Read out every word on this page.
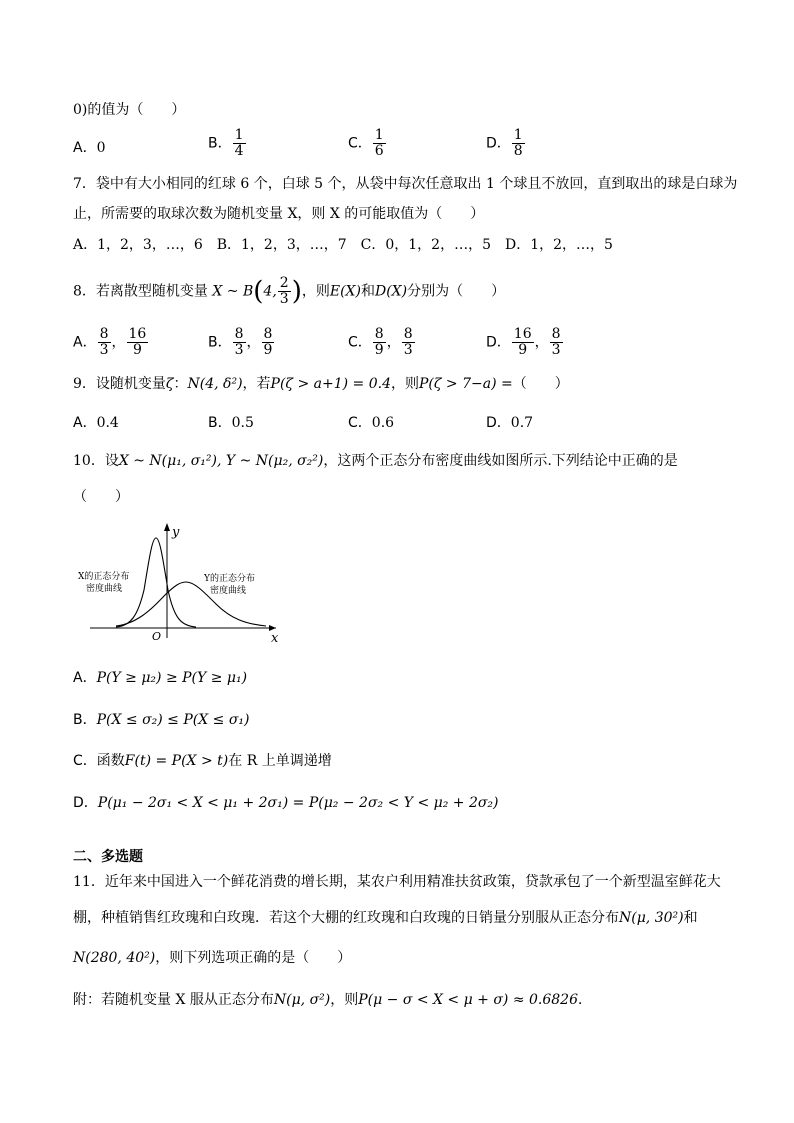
0)的值为（　　）
A．0	B． $\frac{1}{4}$	C． $\frac{1}{6}$	D． $\frac{1}{8}$
7．袋中有大小相同的红球 6 个，白球 5 个，从袋中每次任意取出 1 个球且不放回，直到取出的球是白球为
止，所需要的取球次数为随机变量 X，则 X 的可能取值为（　　）
A．1，2，3，…，6　B．1，2，3，…，7　C．0，1，2，…，5　D．1，2，…，5
8．若离散型随机变量 X ~ B(4, $\frac{2}{3}$ )，则E(X)和D(X)分别为（　　）
A． $\frac{8}{3}$ ， $\frac{16}{9}$	B． $\frac{8}{3}$ ， $\frac{8}{9}$	C． $\frac{8}{9}$ ， $\frac{8}{3}$	D． $\frac{16}{9}$ ， $\frac{8}{3}$
9．设随机变量ζ：N(4, δ²)，若P(ζ > a+1) = 0.4，则P(ζ > 7−a) =（　　）
A．0.4	B．0.5	C．0.6	D．0.7
10．设X ~ N(μ₁, σ₁²), Y ~ N(μ₂, σ₂²)，这两个正态分布密度曲线如图所示.下列结论中正确的是
（　　）
y
x
O
X的正态分布
密度曲线
Y的正态分布
密度曲线
A．P(Y ≥ μ₂) ≥ P(Y ≥ μ₁)
B．P(X ≤ σ₂) ≤ P(X ≤ σ₁)
C．函数F(t) = P(X > t)在 R 上单调递增
D．P(μ₁ − 2σ₁ < X < μ₁ + 2σ₁) = P(μ₂ − 2σ₂ < Y < μ₂ + 2σ₂)
二、多选题
11．近年来中国进入一个鲜花消费的增长期，某农户利用精准扶贫政策，贷款承包了一个新型温室鲜花大
棚，种植销售红玫瑰和白玫瑰．若这个大棚的红玫瑰和白玫瑰的日销量分别服从正态分布N(μ, 30²)和
N(280, 40²)，则下列选项正确的是（　　）
附：若随机变量 X 服从正态分布N(μ, σ²)，则P(μ − σ < X < μ + σ) ≈ 0.6826．
